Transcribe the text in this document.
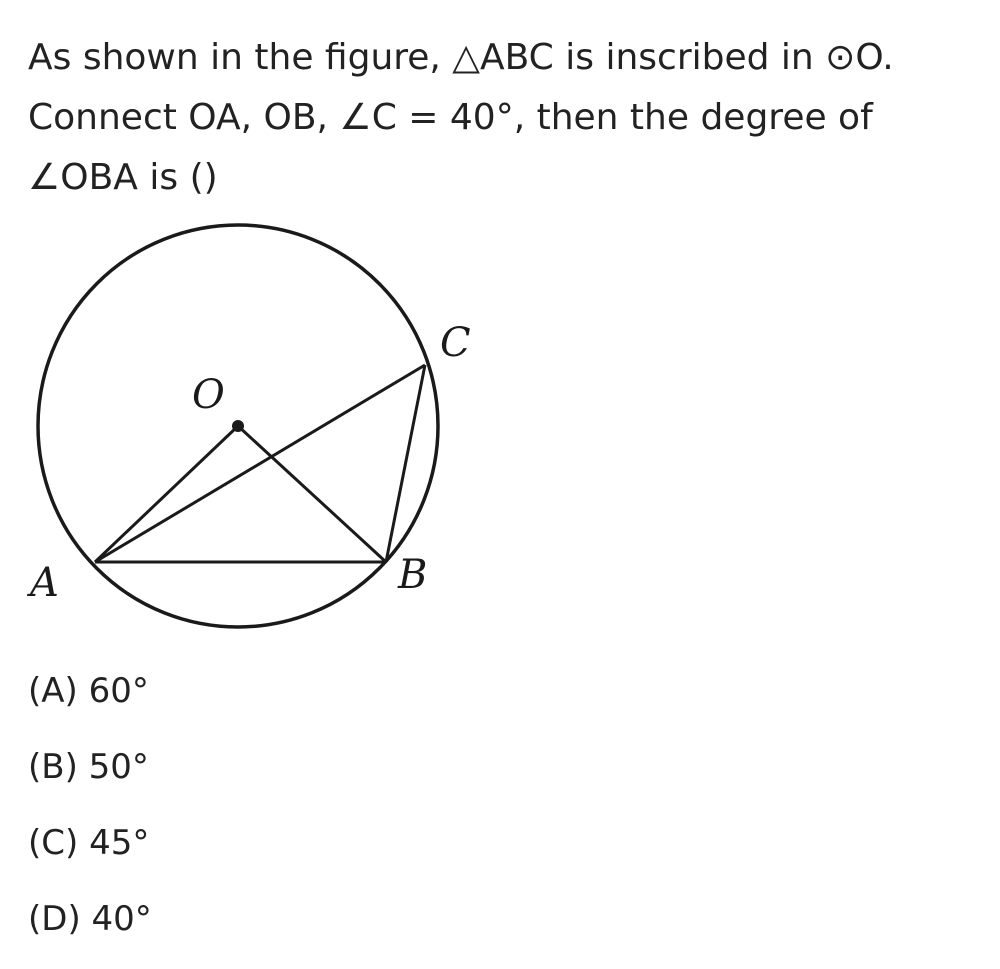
As shown in the figure, △ABC is inscribed in ⊙O. Connect OA, OB, ∠C = 40°, then the degree of ∠OBA is ()

O
A	B
C
(A) 60°
(B) 50°
(C) 45°
(D) 40°
